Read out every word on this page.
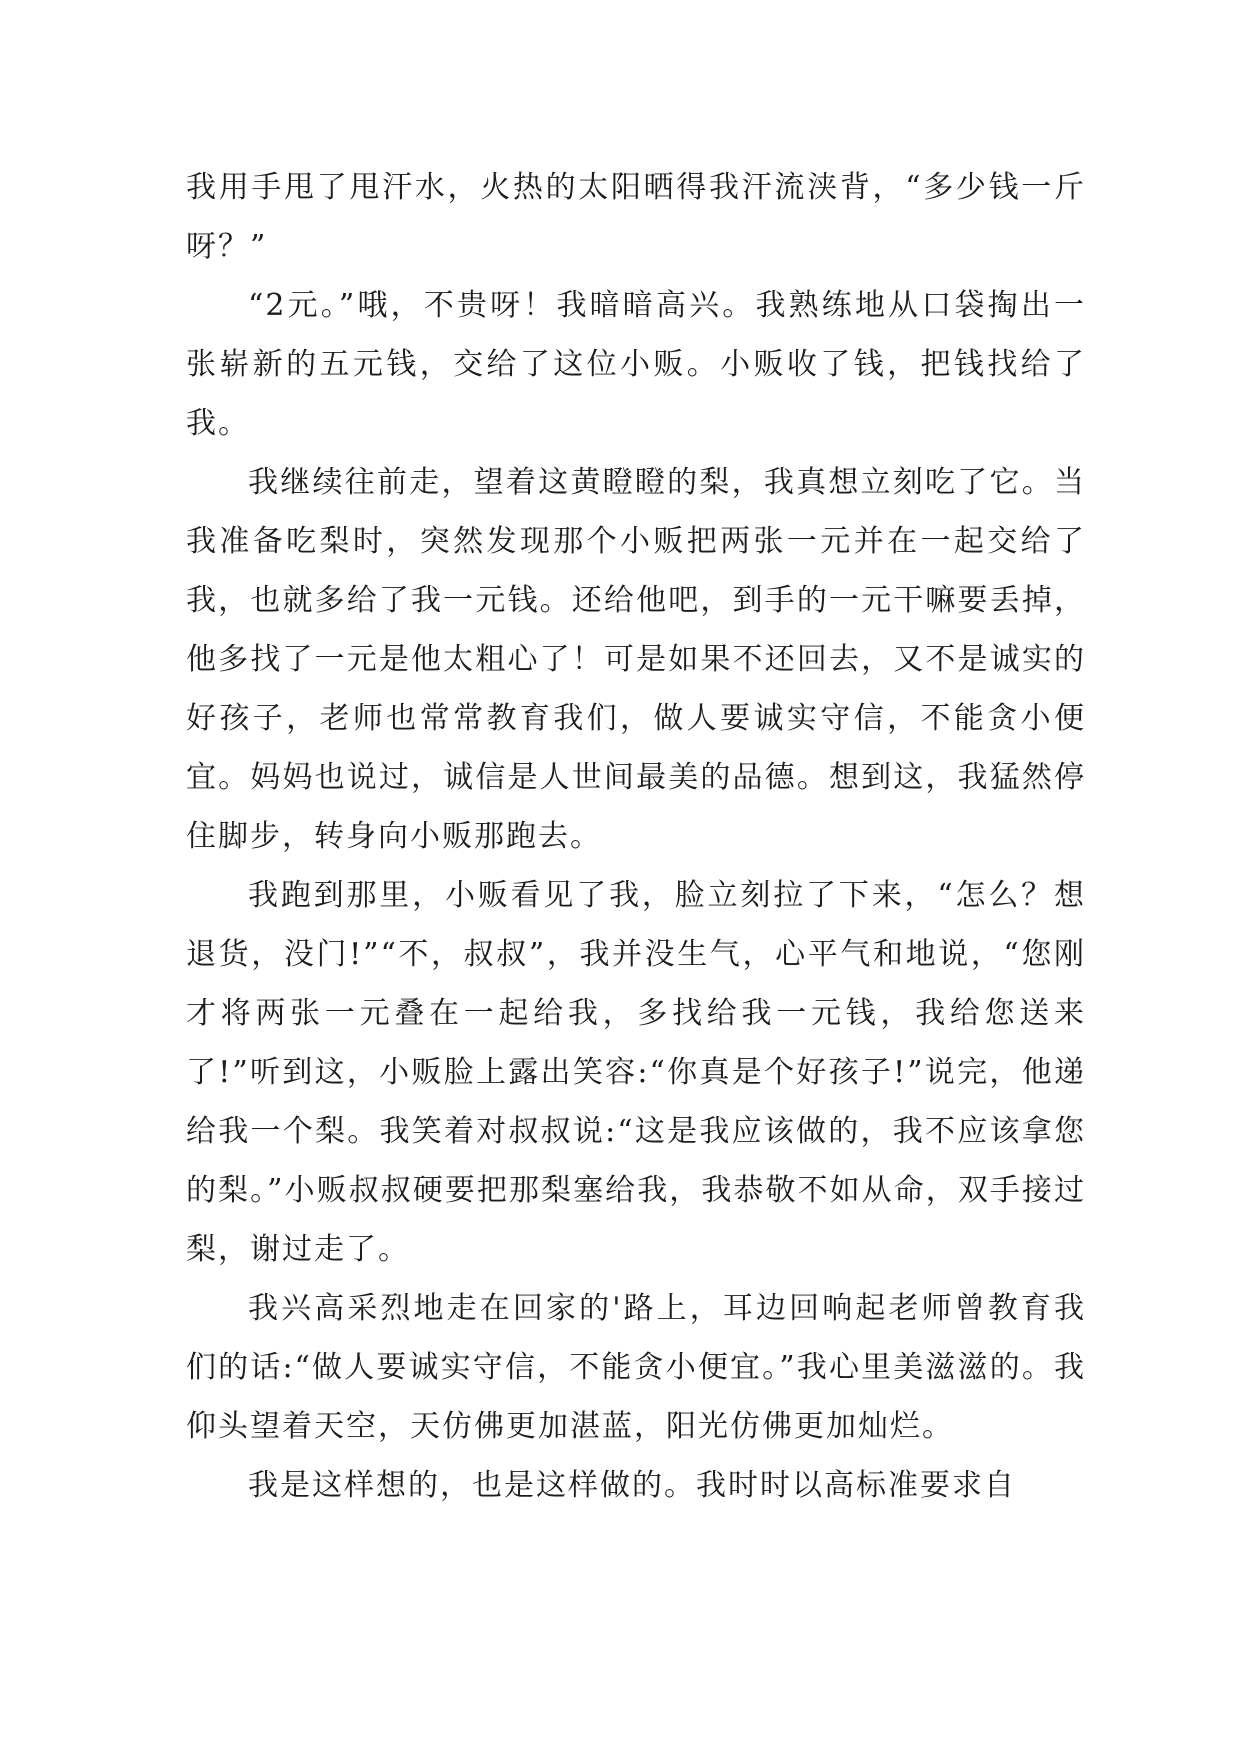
我用手甩了甩汗水，火热的太阳晒得我汗流浃背，“多少钱一斤呀？”

“2元。”哦，不贵呀！我暗暗高兴。我熟练地从口袋掏出一张崭新的五元钱，交给了这位小贩。小贩收了钱，把钱找给了我。

我继续往前走，望着这黄瞪瞪的梨，我真想立刻吃了它。当我准备吃梨时，突然发现那个小贩把两张一元并在一起交给了我，也就多给了我一元钱。还给他吧，到手的一元干嘛要丢掉，他多找了一元是他太粗心了！可是如果不还回去，又不是诚实的好孩子，老师也常常教育我们，做人要诚实守信，不能贪小便宜。妈妈也说过，诚信是人世间最美的品德。想到这，我猛然停住脚步，转身向小贩那跑去。

我跑到那里，小贩看见了我，脸立刻拉了下来，“怎么？想退货，没门!”“不，叔叔”，我并没生气，心平气和地说，“您刚才将两张一元叠在一起给我，多找给我一元钱，我给您送来了!”听到这，小贩脸上露出笑容:“你真是个好孩子!”说完，他递给我一个梨。我笑着对叔叔说:“这是我应该做的，我不应该拿您的梨。”小贩叔叔硬要把那梨塞给我，我恭敬不如从命，双手接过梨，谢过走了。

我兴高采烈地走在回家的'路上，耳边回响起老师曾教育我们的话:“做人要诚实守信，不能贪小便宜。”我心里美滋滋的。我仰头望着天空，天仿佛更加湛蓝，阳光仿佛更加灿烂。

我是这样想的，也是这样做的。我时时以高标准要求自
